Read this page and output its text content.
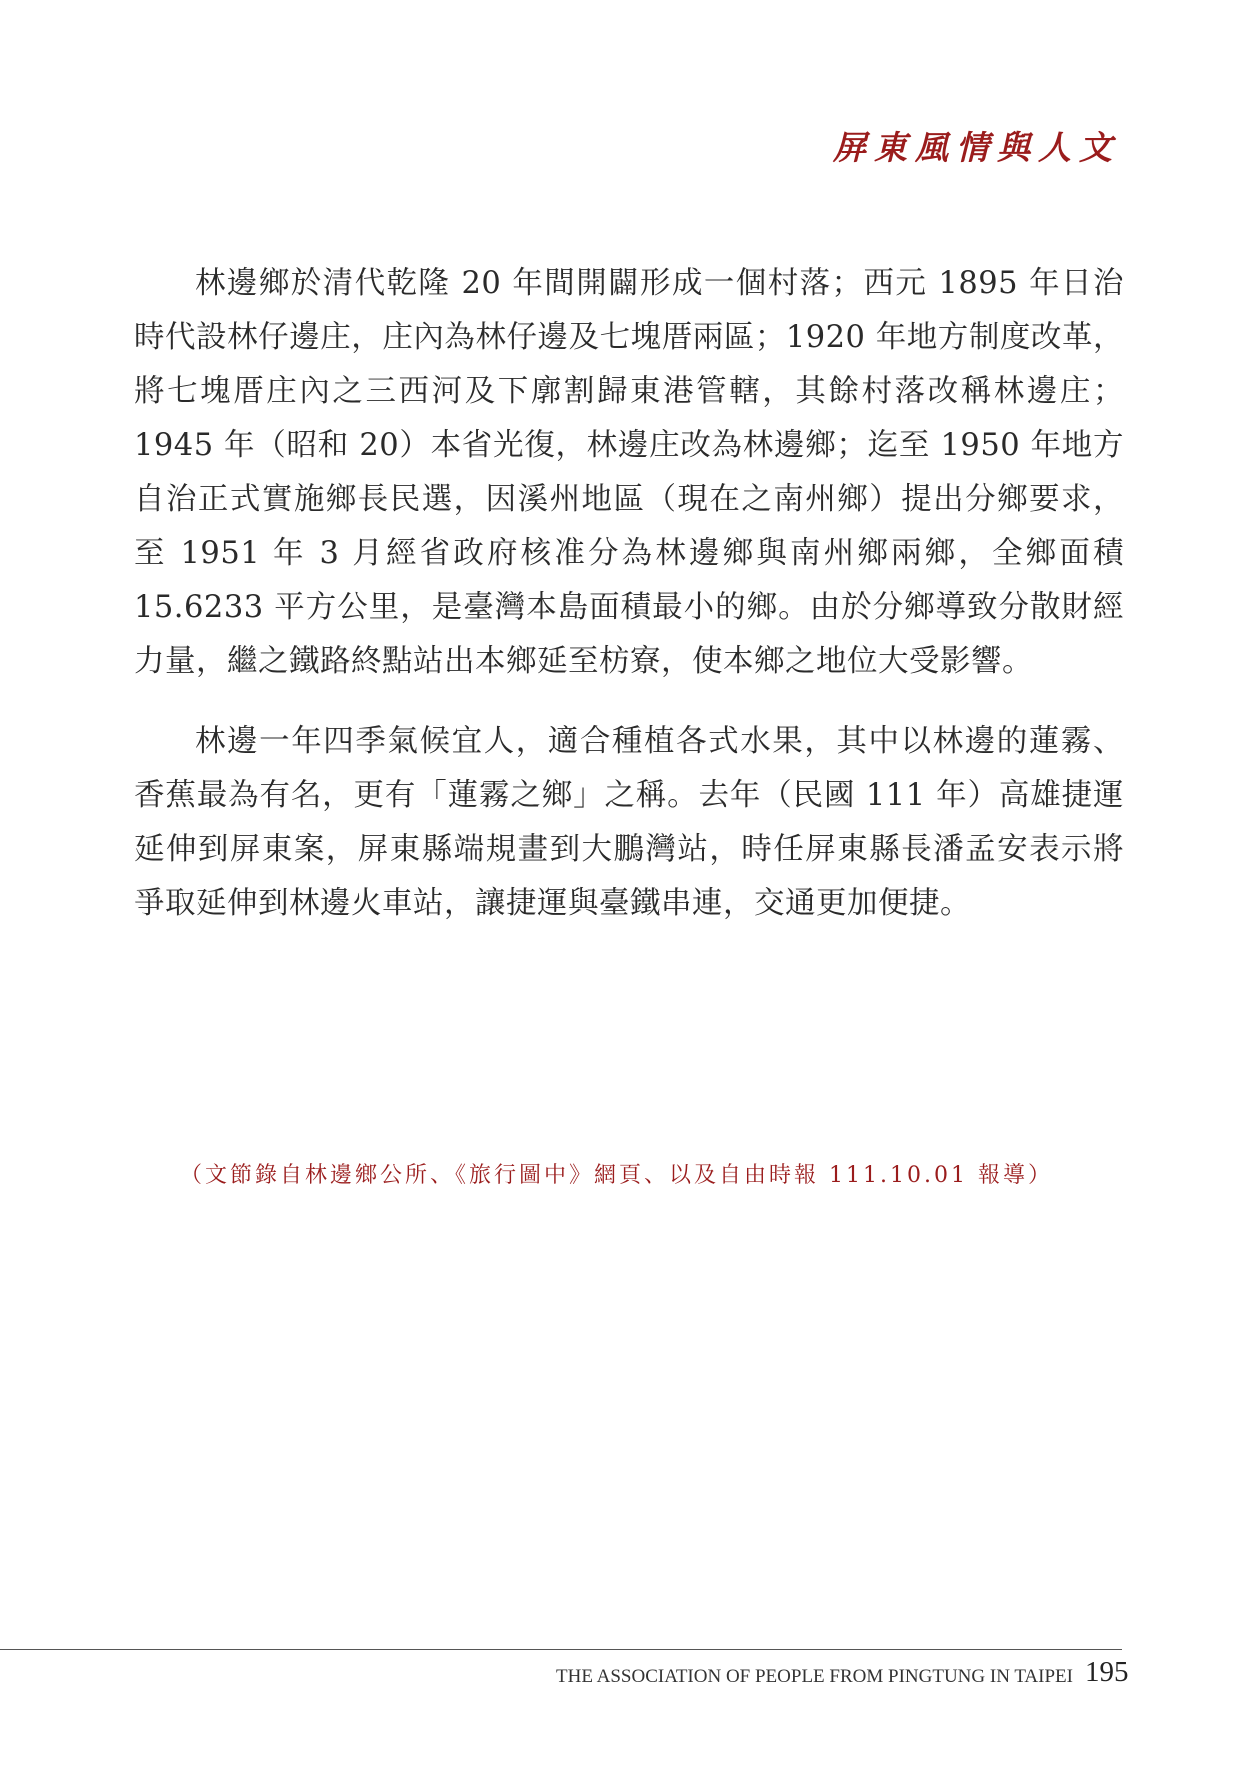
屏東風情與人文

林邊鄉於清代乾隆 20 年間開闢形成一個村落；西元 1895 年日治時代設林仔邊庄，庄內為林仔邊及七塊厝兩區；1920 年地方制度改革，將七塊厝庄內之三西河及下廓割歸東港管轄，其餘村落改稱林邊庄；1945 年（昭和 20）本省光復，林邊庄改為林邊鄉；迄至 1950 年地方自治正式實施鄉長民選，因溪州地區（現在之南州鄉）提出分鄉要求，至 1951 年 3 月經省政府核准分為林邊鄉與南州鄉兩鄉，全鄉面積 15.6233 平方公里，是臺灣本島面積最小的鄉。由於分鄉導致分散財經力量，繼之鐵路終點站出本鄉延至枋寮，使本鄉之地位大受影響。

林邊一年四季氣候宜人，適合種植各式水果，其中以林邊的蓮霧、香蕉最為有名，更有「蓮霧之鄉」之稱。去年（民國 111 年）高雄捷運延伸到屏東案，屏東縣端規畫到大鵬灣站，時任屏東縣長潘孟安表示將爭取延伸到林邊火車站，讓捷運與臺鐵串連，交通更加便捷。

（文節錄自林邊鄉公所、《旅行圖中》網頁、以及自由時報 111.10.01 報導）
THE ASSOCIATION OF PEOPLE FROM PINGTUNG IN TAIPEI 195
